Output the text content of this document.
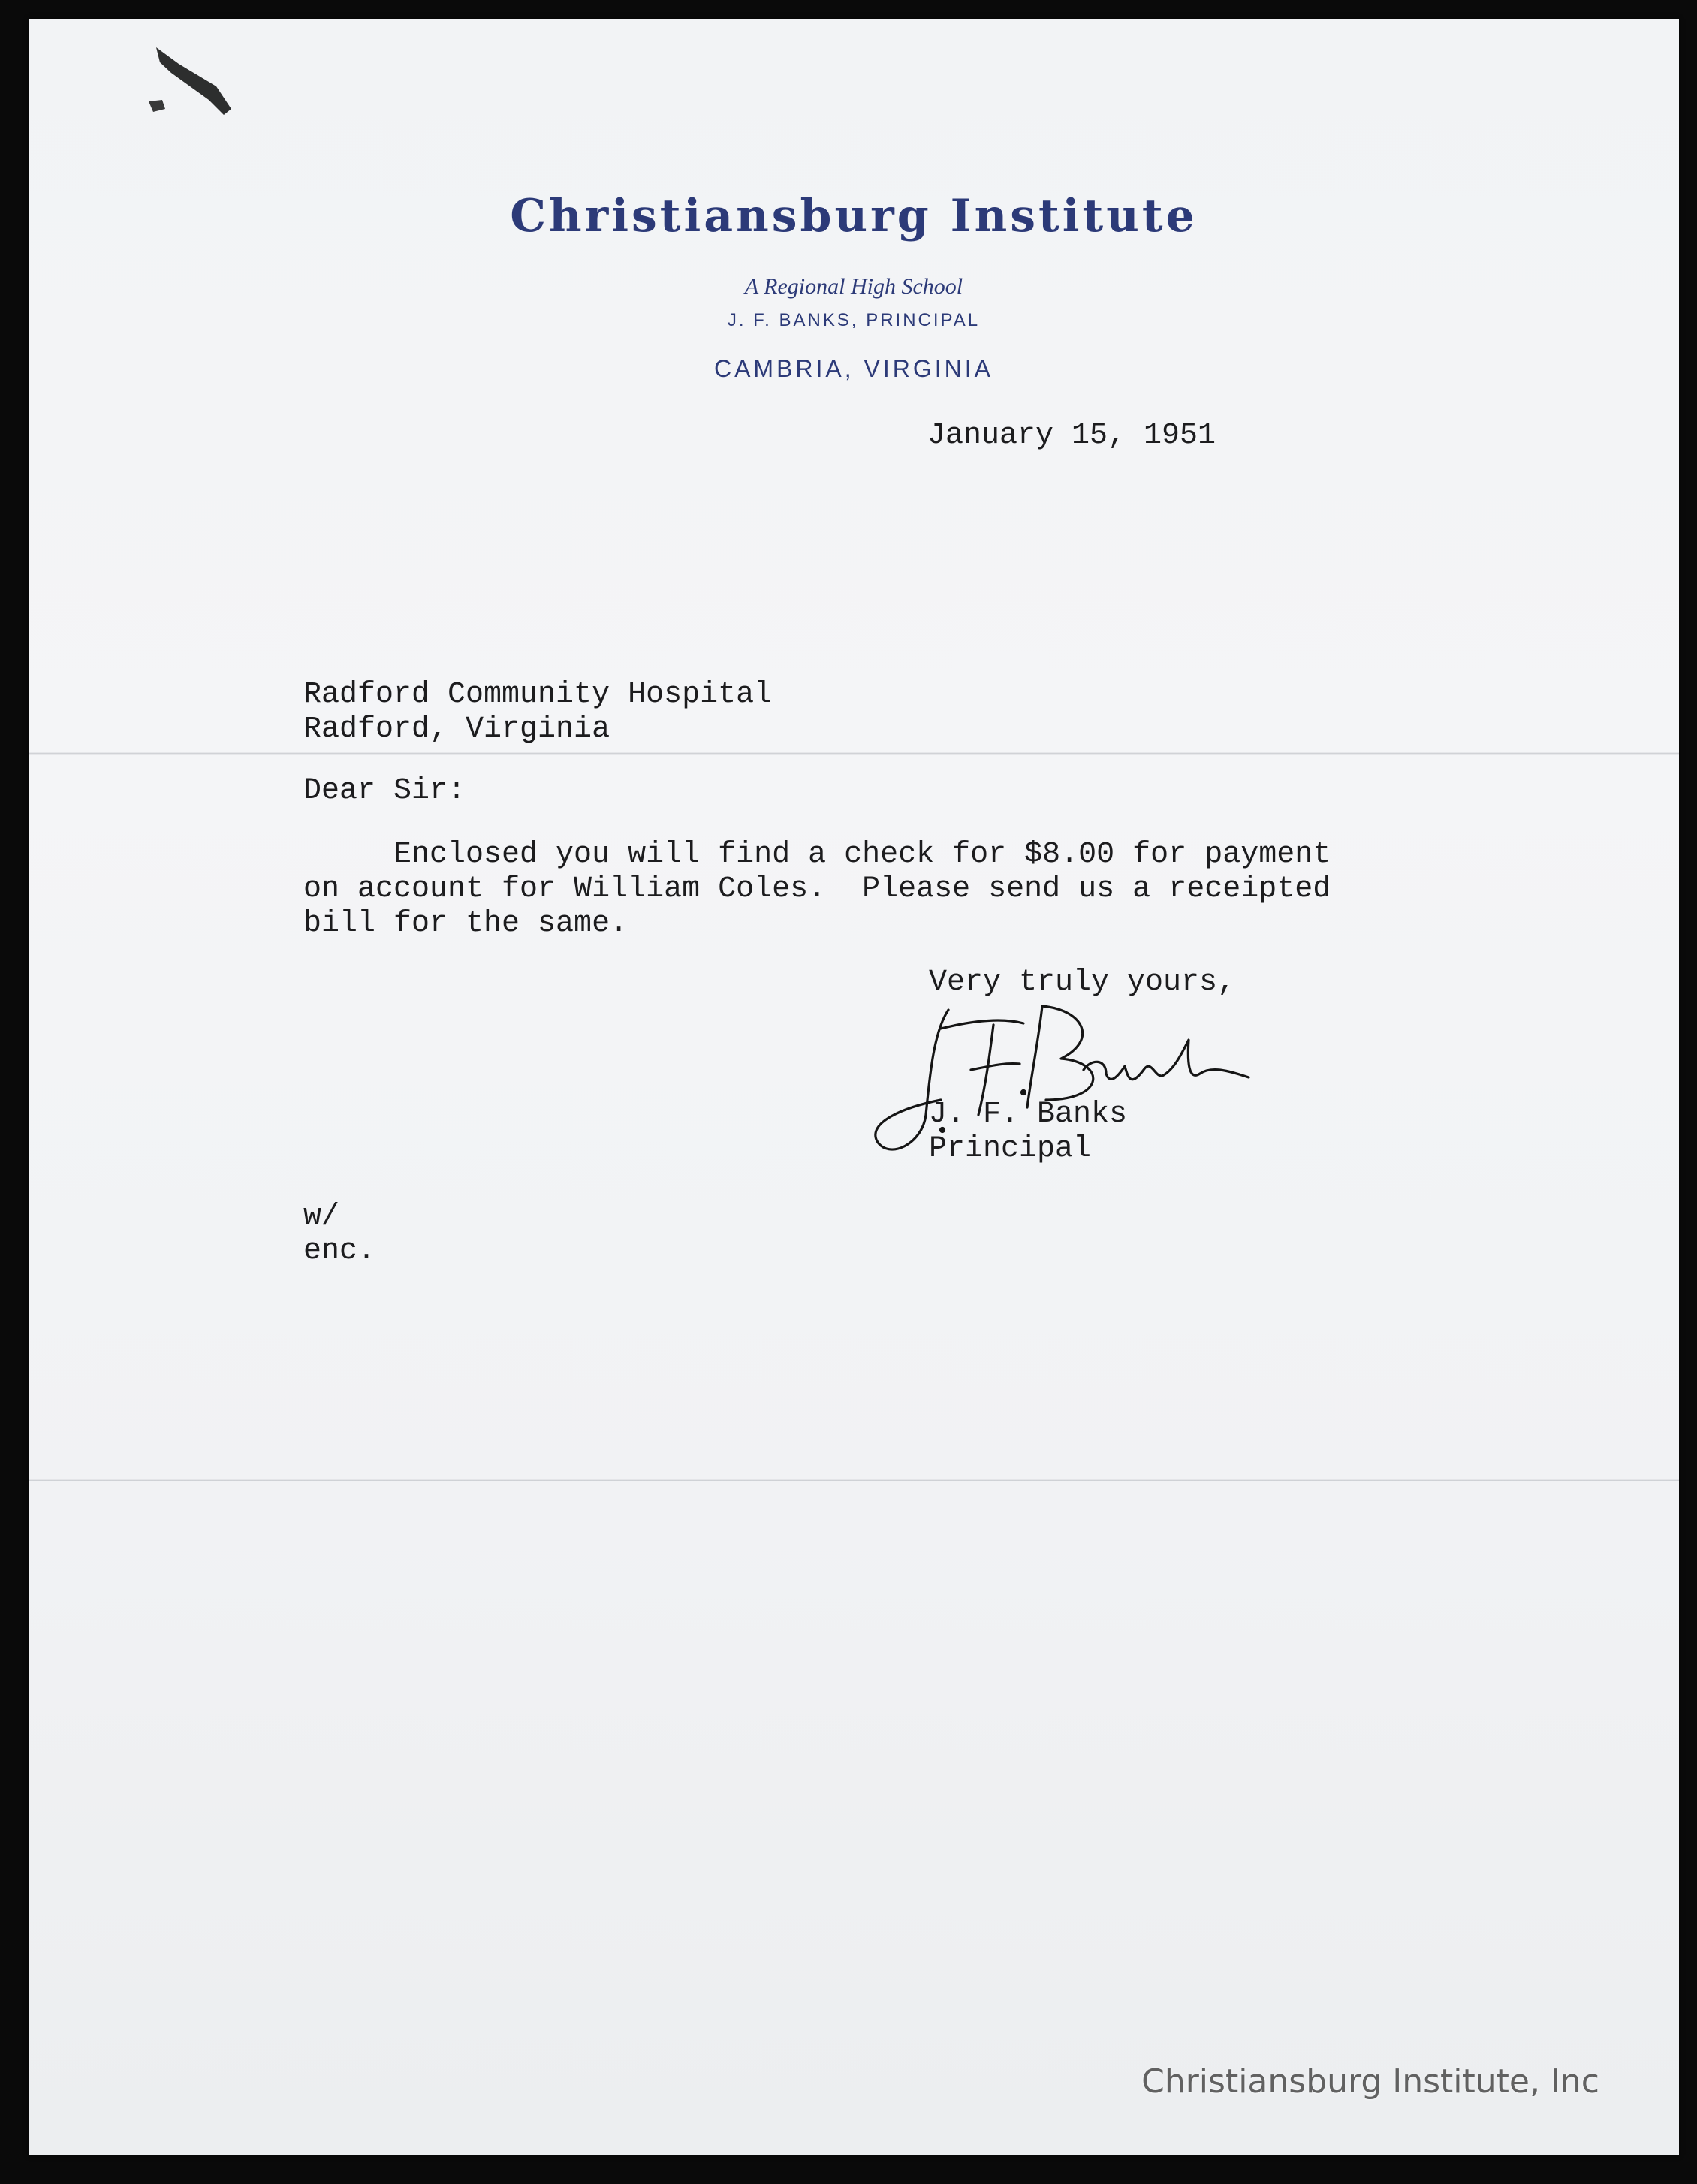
Christiansburg Institute
A Regional High School
J. F. BANKS, PRINCIPAL
CAMBRIA, VIRGINIA
January 15, 1951
Radford Community Hospital
Radford, Virginia
Dear Sir:
Enclosed you will find a check for $8.00 for payment
on account for William Coles.  Please send us a receipted
bill for the same.
Very truly yours,
J. F. Banks
Principal
w/
enc.
Christiansburg Institute, Inc
